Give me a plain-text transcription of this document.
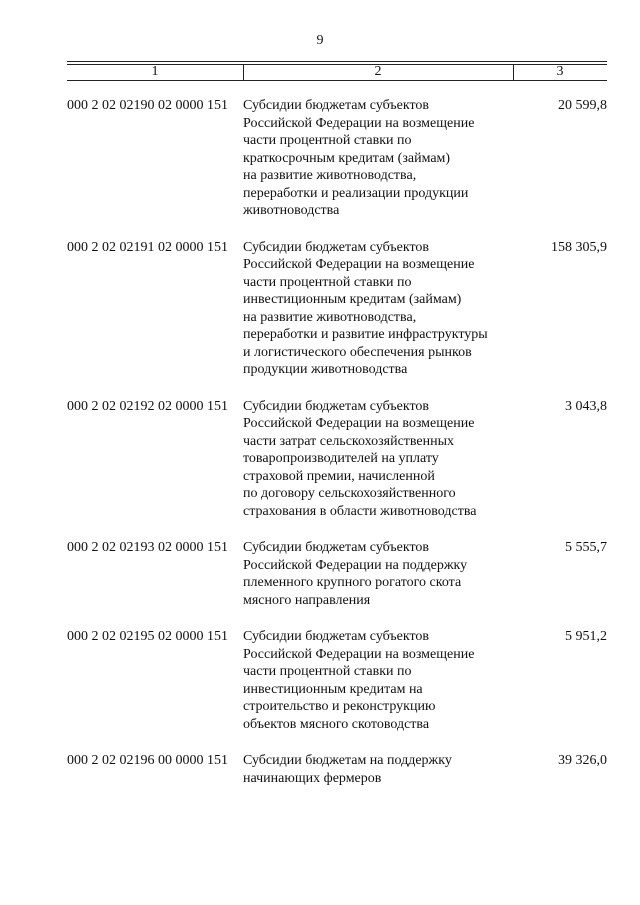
9
1	2	3
000 2 02 02190 02 0000 151	Субсидии бюджетам субъектов
Российской Федерации на возмещение
части процентной ставки по
краткосрочным кредитам (займам)
на развитие животноводства,
переработки и реализации продукции
животноводства
20 599,8
000 2 02 02191 02 0000 151	Субсидии бюджетам субъектов
Российской Федерации на возмещение
части процентной ставки по
инвестиционным кредитам (займам)
на развитие животноводства,
переработки и развитие инфраструктуры
и логистического обеспечения рынков
продукции животноводства
158 305,9
000 2 02 02192 02 0000 151	Субсидии бюджетам субъектов
Российской Федерации на возмещение
части затрат сельскохозяйственных
товаропроизводителей на уплату
страховой премии, начисленной
по договору сельскохозяйственного
страхования в области животноводства
3 043,8
000 2 02 02193 02 0000 151	Субсидии бюджетам субъектов
Российской Федерации на поддержку
племенного крупного рогатого скота
мясного направления
5 555,7
000 2 02 02195 02 0000 151	Субсидии бюджетам субъектов
Российской Федерации на возмещение
части процентной ставки по
инвестиционным кредитам на
строительство и реконструкцию
объектов мясного скотоводства
5 951,2
000 2 02 02196 00 0000 151	Субсидии бюджетам на поддержку
начинающих фермеров
39 326,0
